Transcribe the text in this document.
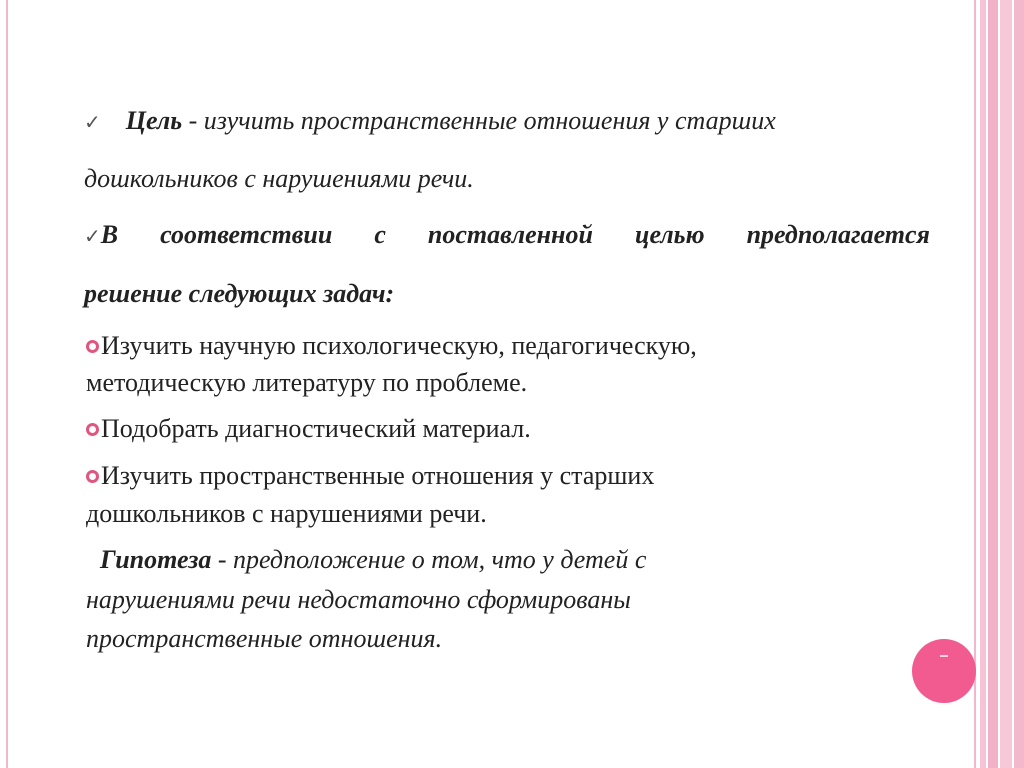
✓ Цель - изучить пространственные отношения у старших
дошкольников с нарушениями речи.
✓В соответствии с поставленной целью предполагается
решение следующих задач:
Изучить научную психологическую, педагогическую,
методическую литературу по проблеме.
Подобрать диагностический материал.
Изучить пространственные отношения у старших
дошкольников с нарушениями речи.
Гипотеза - предположение о том, что у детей с
нарушениями речи недостаточно сформированы
пространственные отношения.
